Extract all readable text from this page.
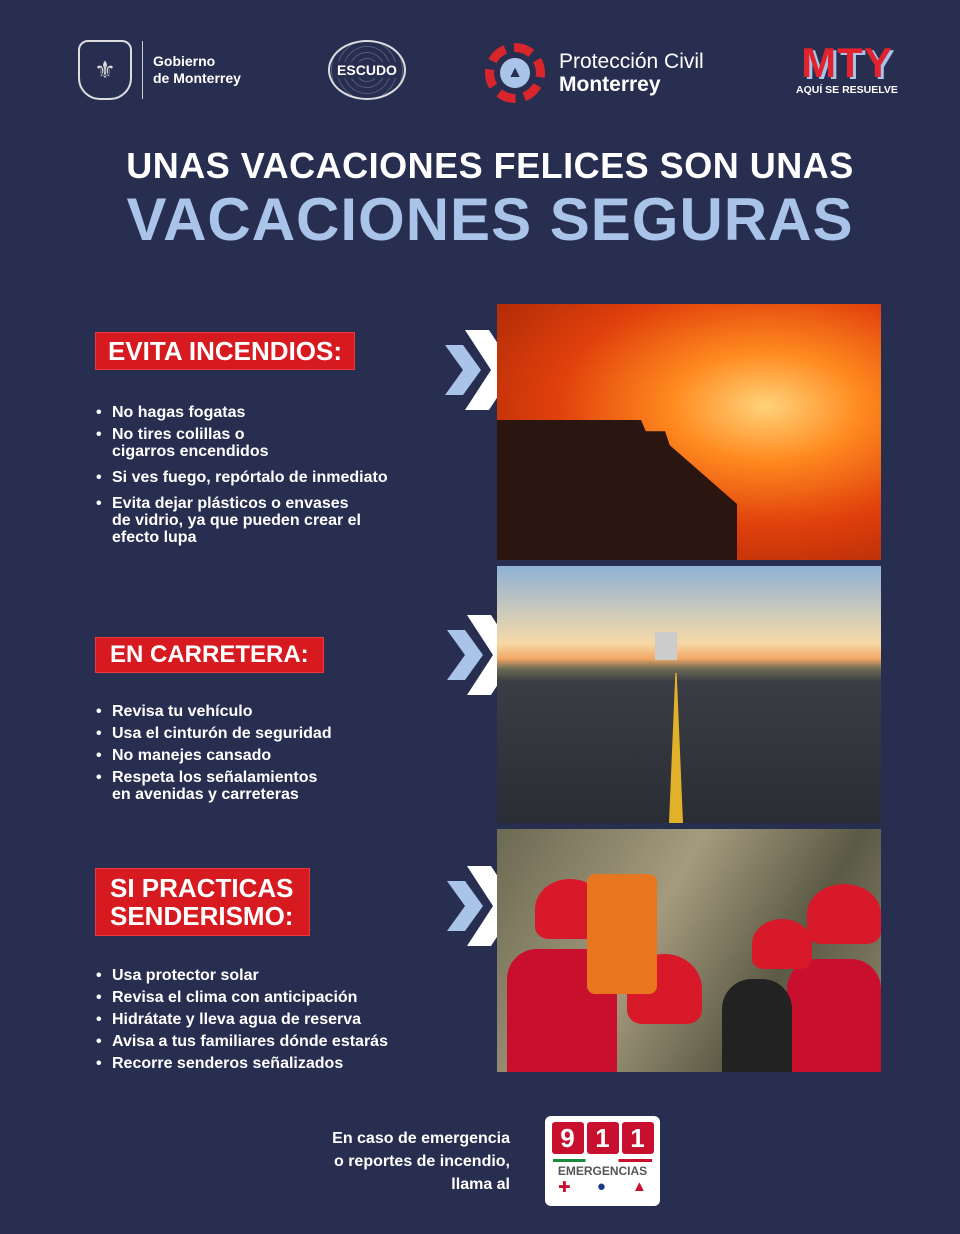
⚜	Gobierno
de Monterrey	ESCUDO	▲	Protección Civil
Monterrey	MTY
AQUÍ SE RESUELVE
UNAS VACACIONES FELICES SON UNAS
VACACIONES SEGURAS
EVITA INCENDIOS:
• No hagas fogatas
• No tires colillas o cigarros encendidos
• Si ves fuego, repórtalo de inmediato
• Evita dejar plásticos o envases de vidrio, ya que pueden crear el efecto lupa
EN CARRETERA:
• Revisa tu vehículo
• Usa el cinturón de seguridad
• No manejes cansado
• Respeta los señalamientos en avenidas y carreteras
SI PRACTICAS SENDERISMO:
• Usa protector solar
• Revisa el clima con anticipación
• Hidrátate y lleva agua de reserva
• Avisa a tus familiares dónde estarás
• Recorre senderos señalizados
En caso de emergencia
o reportes de incendio,
llama al
9 1 1
EMERGENCIAS
✚ ● ▲
